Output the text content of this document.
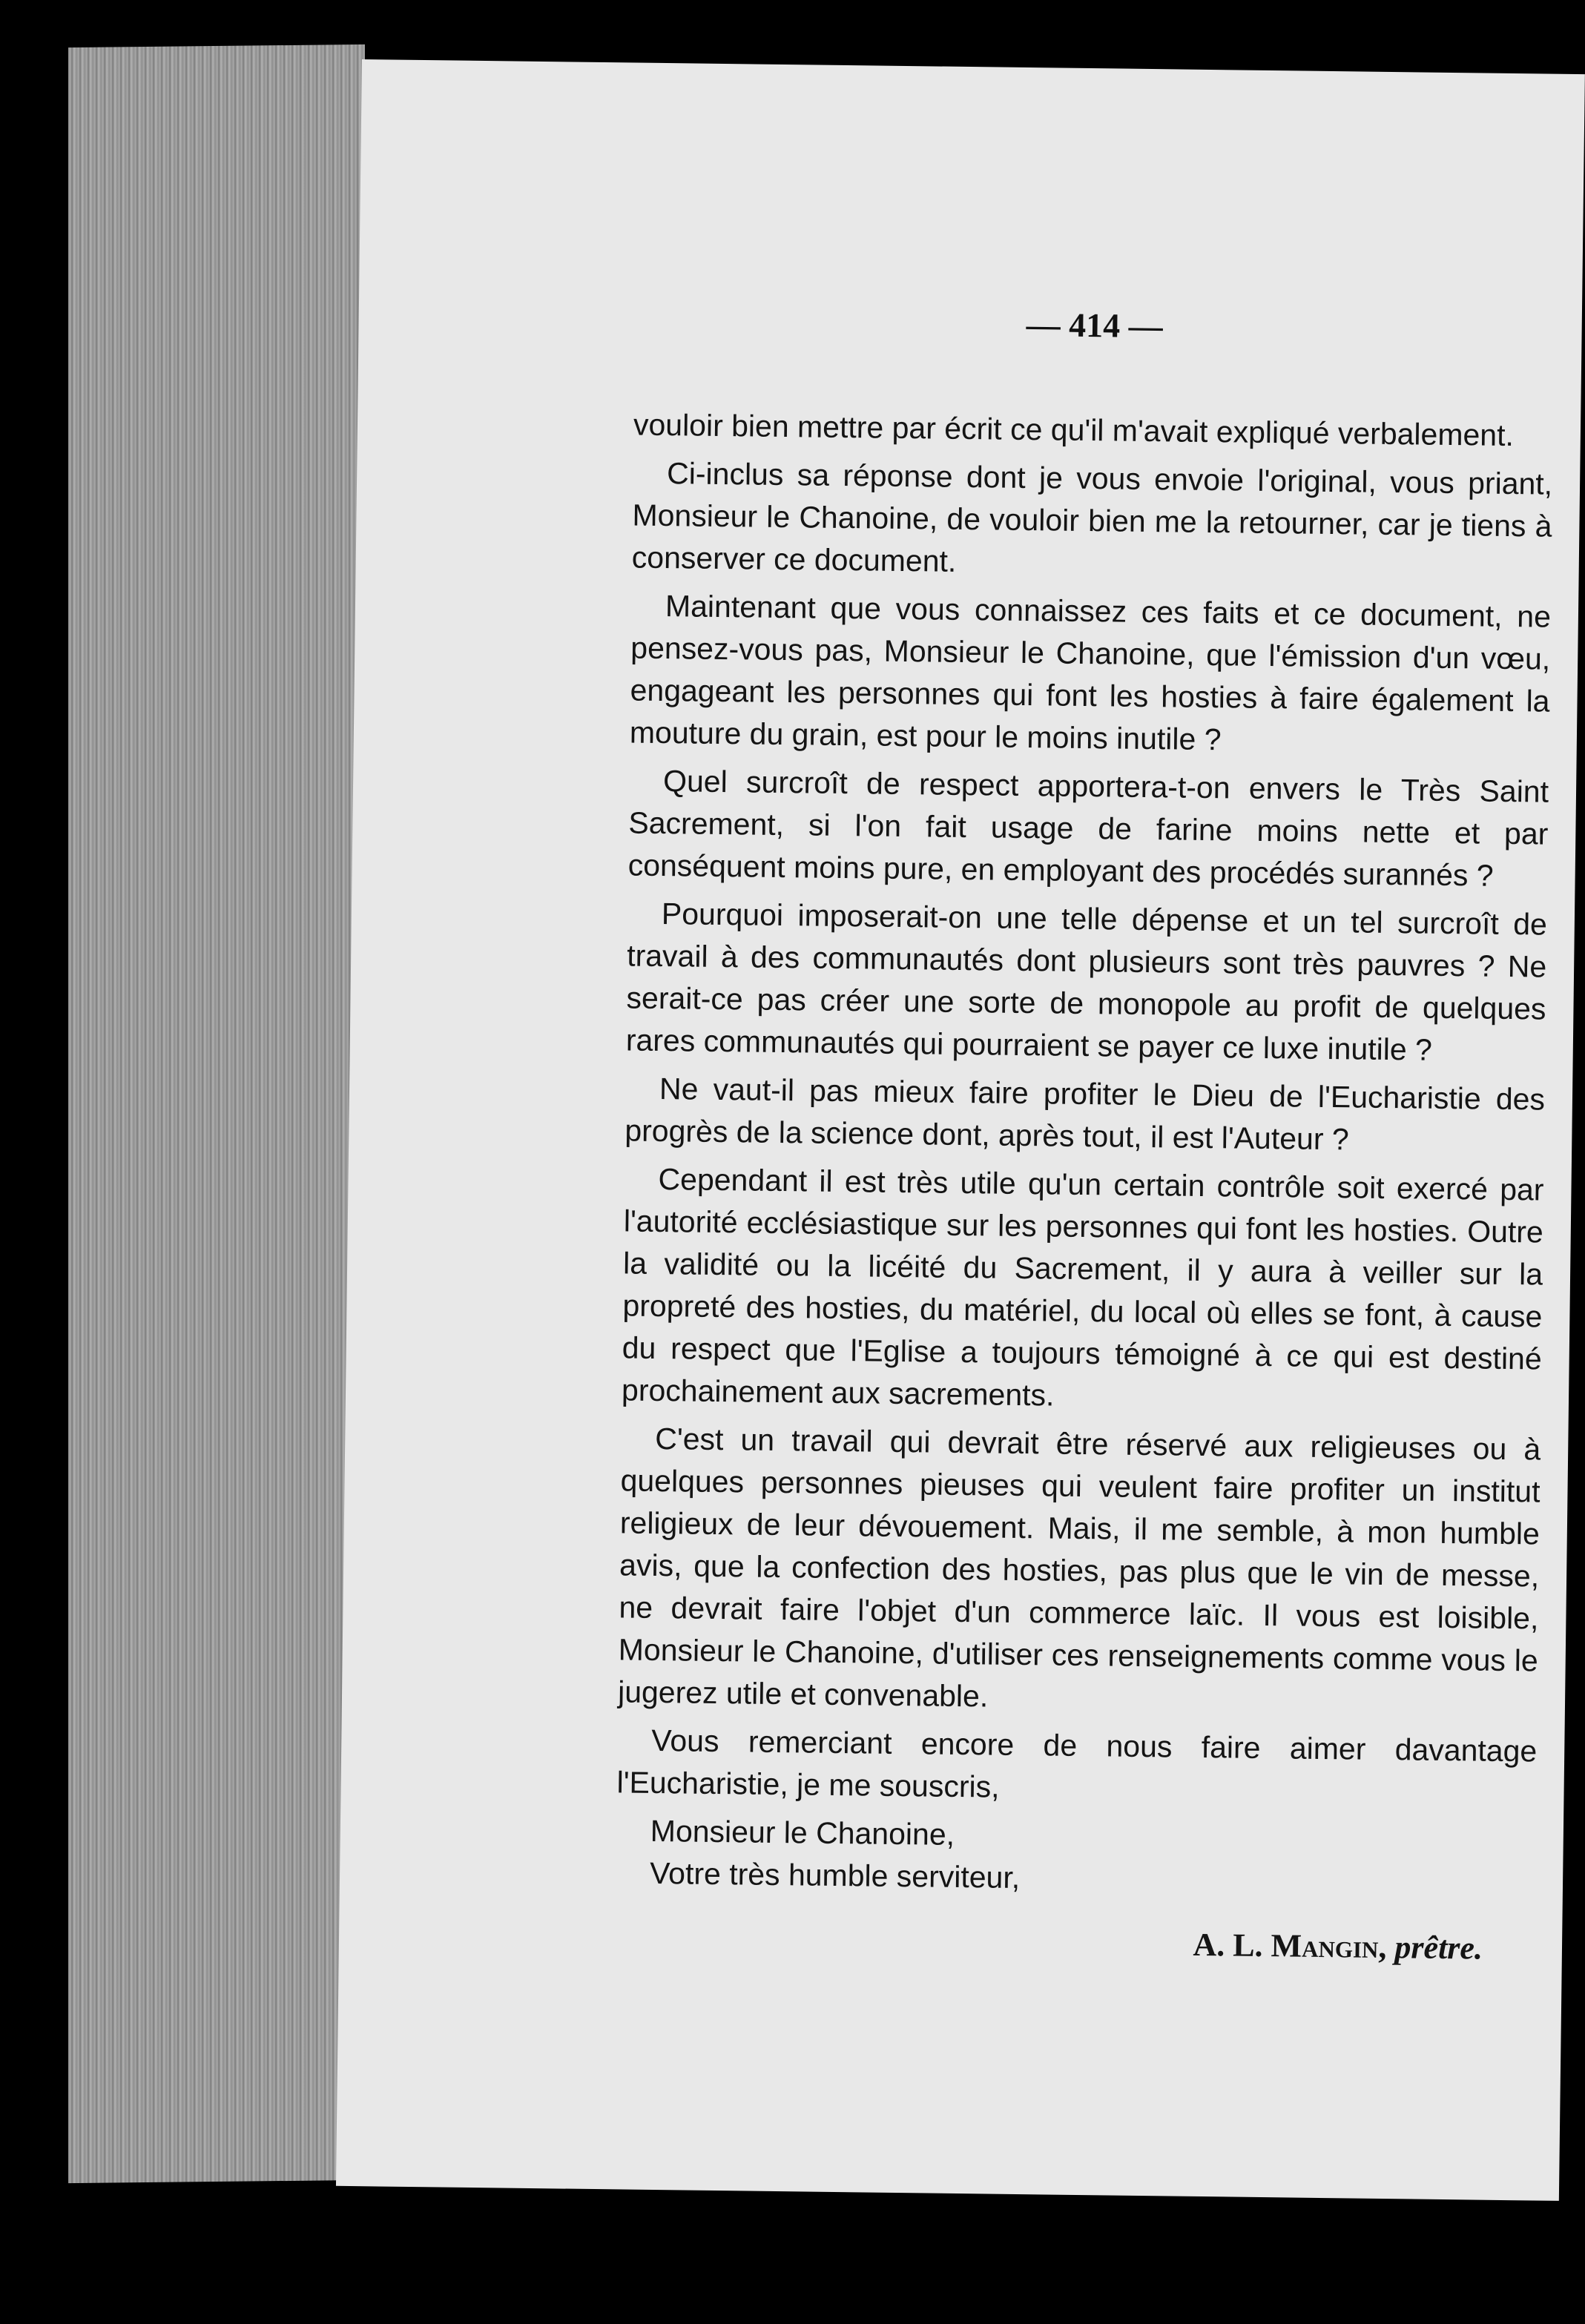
— 414 —

vouloir bien mettre par écrit ce qu'il m'avait expliqué verbalement.

Ci-inclus sa réponse dont je vous envoie l'original, vous priant, Monsieur le Chanoine, de vouloir bien me la retourner, car je tiens à conserver ce document.

Maintenant que vous connaissez ces faits et ce document, ne pensez-vous pas, Monsieur le Chanoine, que l'émission d'un vœu, engageant les personnes qui font les hosties à faire également la mouture du grain, est pour le moins inutile ?

Quel surcroît de respect apportera-t-on envers le Très Saint Sacrement, si l'on fait usage de farine moins nette et par conséquent moins pure, en employant des procédés surannés ?

Pourquoi imposerait-on une telle dépense et un tel surcroît de travail à des communautés dont plusieurs sont très pauvres ? Ne serait-ce pas créer une sorte de monopole au profit de quelques rares communautés qui pourraient se payer ce luxe inutile ?

Ne vaut-il pas mieux faire profiter le Dieu de l'Eucharistie des progrès de la science dont, après tout, il est l'Auteur ?

Cependant il est très utile qu'un certain contrôle soit exercé par l'autorité ecclésiastique sur les personnes qui font les hosties. Outre la validité ou la licéité du Sacrement, il y aura à veiller sur la propreté des hosties, du matériel, du local où elles se font, à cause du respect que l'Eglise a toujours témoigné à ce qui est destiné prochainement aux sacrements.

C'est un travail qui devrait être réservé aux religieuses ou à quelques personnes pieuses qui veulent faire profiter un institut religieux de leur dévouement. Mais, il me semble, à mon humble avis, que la confection des hosties, pas plus que le vin de messe, ne devrait faire l'objet d'un commerce laïc. Il vous est loisible, Monsieur le Chanoine, d'utiliser ces renseignements comme vous le jugerez utile et convenable.

Vous remerciant encore de nous faire aimer davantage l'Eucharistie, je me souscris,

Monsieur le Chanoine,

Votre très humble serviteur,

A. L. Mangin, prêtre.
